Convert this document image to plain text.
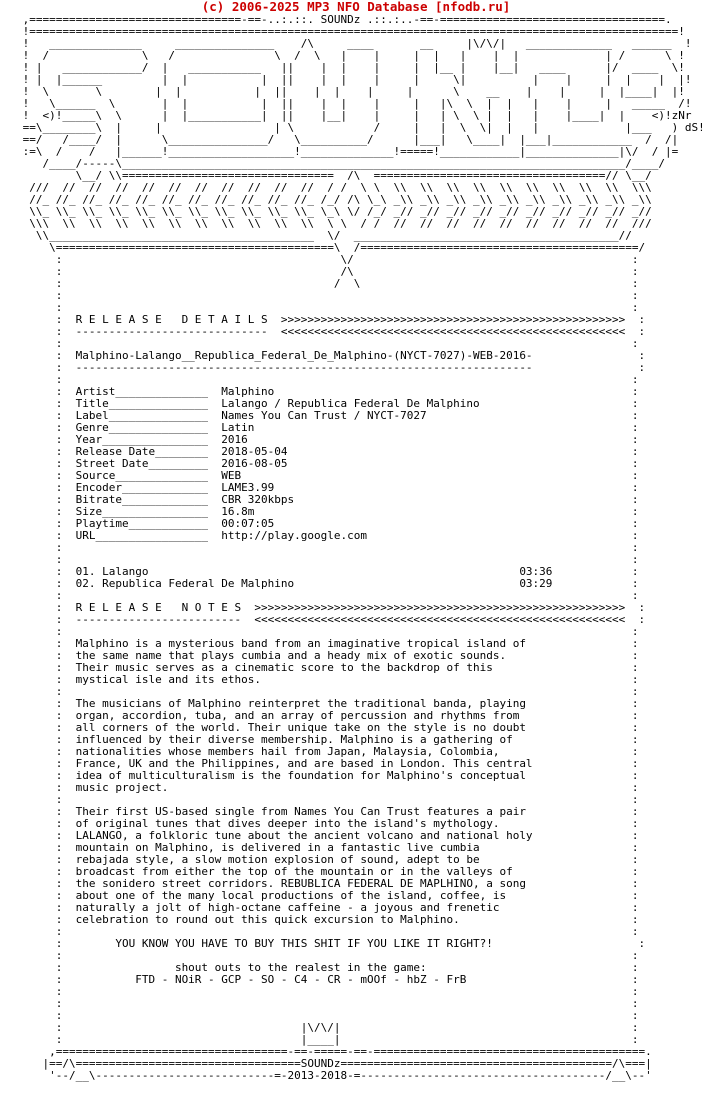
(c) 2006-2025 MP3 NFO Database [nfodb.ru]
,================================-==-..:.::. SOUNDz .::.:..-==-==================================.
!==================================================================================================!
!   ______________     _______________    /\     ____       __     |\/\/|   _____________   ______  !
!  /              \   /               \  /  \   |    |     |  |   |    |  |             | /      \ !
! |   ____________/  |   ___________   ||    |  |    |     |  |__ |    |__|   ____      |/  ____  \!
! |  |______         |  |           |  ||    |  |    |     |     \|          |    |     |  |    |  |!
!  \       \        |  |           |  ||    |  |    |     |      \    __    |    |     |  |____|  |!
!   \______  \       |  |           |  ||    |  |    |     |   |\  \  |  |   |    |     |   _____  /!
!  <)!_____\  \      |  |___________|  ||    |__|    |     |   | \  \ |  |   |    |____|  |    <)!zNr
==\________\  |     |                 | \            /     |   |  \  \|  |   |             |___   ) dS!
==/   /____/  |      \_______________/   \__________/      |___|   \____|  |___|____________  /  /|
:=\  /    /   |______!___________________!______________!=====!____________|______________|\/  / |=
/____/-----\____________________________________________________________________________/____/
\__/ \\================================  /\  ===================================// \__/
///  //  //  //  //  //  //  //  //  //  //  / /  \ \  \\  \\  \\  \\  \\  \\  \\  \\  \\  \\\
//_ //_ //_ //_ //_ //_ //_ //_ //_ //_ //_ /_/ /\ \_\ _\\ _\\ _\\ _\\ _\\ _\\ _\\ _\\ _\\ _\\
\\_ \\_ \\_ \\_ \\_ \\_ \\_ \\_ \\_ \\_ \\_ \_\ \/ /_/ _// _// _// _// _// _// _// _// _// _//
\\\  \\  \\  \\  \\  \\  \\  \\  \\  \\  \\  \ \  / /  //  //  //  //  //  //  //  //  //  ///
\\________________________________________  \/  ________________________________________//
\==========================================\  /==========================================/
:                                          \/                                          :
:                                          /\                                          :
:                                         /  \                                         :
:                                                                                      :
:                                                                                      :
:  R E L E A S E   D E T A I L S  >>>>>>>>>>>>>>>>>>>>>>>>>>>>>>>>>>>>>>>>>>>>>>>>>>>>  :
:  -----------------------------  <<<<<<<<<<<<<<<<<<<<<<<<<<<<<<<<<<<<<<<<<<<<<<<<<<<<  :
:                                                                                      :
:  Malphino-Lalango__Republica_Federal_De_Malphino-(NYCT-7027)-WEB-2016-                :
:  ---------------------------------------------------------------------                :
:                                                                                      :
:  Artist______________  Malphino                                                      :
:  Title_______________  Lalango / Republica Federal De Malphino                       :
:  Label_______________  Names You Can Trust / NYCT-7027                               :
:  Genre_______________  Latin                                                         :
:  Year________________  2016                                                          :
:  Release Date________  2018-05-04                                                    :
:  Street Date_________  2016-08-05                                                    :
:  Source______________  WEB                                                           :
:  Encoder_____________  LAME3.99                                                      :
:  Bitrate_____________  CBR 320kbps                                                   :
:  Size________________  16.8m                                                         :
:  Playtime____________  00:07:05                                                      :
:  URL_________________  http://play.google.com                                        :
:                                                                                      :
:                                                                                      :
:  01. Lalango                                                        03:36            :
:  02. Republica Federal De Malphino                                  03:29            :
:                                                                                      :
:  R E L E A S E   N O T E S  >>>>>>>>>>>>>>>>>>>>>>>>>>>>>>>>>>>>>>>>>>>>>>>>>>>>>>>>  :
:  -------------------------  <<<<<<<<<<<<<<<<<<<<<<<<<<<<<<<<<<<<<<<<<<<<<<<<<<<<<<<<  :
:                                                                                      :
:  Malphino is a mysterious band from an imaginative tropical island of                :
:  the same name that plays cumbia and a heady mix of exotic sounds.                   :
:  Their music serves as a cinematic score to the backdrop of this                     :
:  mystical isle and its ethos.                                                        :
:                                                                                      :
:  The musicians of Malphino reinterpret the traditional banda, playing                :
:  organ, accordion, tuba, and an array of percussion and rhythms from                 :
:  all corners of the world. Their unique take on the style is no doubt                :
:  influenced by their diverse membership. Malphino is a gathering of                  :
:  nationalities whose members hail from Japan, Malaysia, Colombia,                    :
:  France, UK and the Philippines, and are based in London. This central               :
:  idea of multiculturalism is the foundation for Malphino's conceptual                :
:  music project.                                                                      :
:                                                                                      :
:  Their first US-based single from Names You Can Trust features a pair                :
:  of original tunes that dives deeper into the island's mythology.                    :
:  LALANGO, a folkloric tune about the ancient volcano and national holy               :
:  mountain on Malphino, is delivered in a fantastic live cumbia                       :
:  rebajada style, a slow motion explosion of sound, adept to be                       :
:  broadcast from either the top of the mountain or in the valleys of                  :
:  the sonidero street corridors. REBUBLICA FEDERAL DE MAPLHINO, a song                :
:  about one of the many local productions of the island, coffee, is                   :
:  naturally a jolt of high-octane caffeine - a joyous and frenetic                    :
:  celebration to round out this quick excursion to Malphino.                          :
:                                                                                      :
:        YOU KNOW YOU HAVE TO BUY THIS SHIT IF YOU LIKE IT RIGHT?!                      :
:                                                                                      :
:                 shout outs to the realest in the game:                               :
:           FTD - NOiR - GCP - SO - C4 - CR - mOOf - hbZ - FrB                         :
:                                                                                      :
:                                                                                      :
:                                                                                      :
:                                    |\/\/|                                            :
:                                    |____|                                            :
,===================================-==-=====-==-=========================================.
|==/\==================================SOUNDz=========================================/\===|
'--/__\---------------------------=-2013-2018-=-------------------------------------/__\--'
